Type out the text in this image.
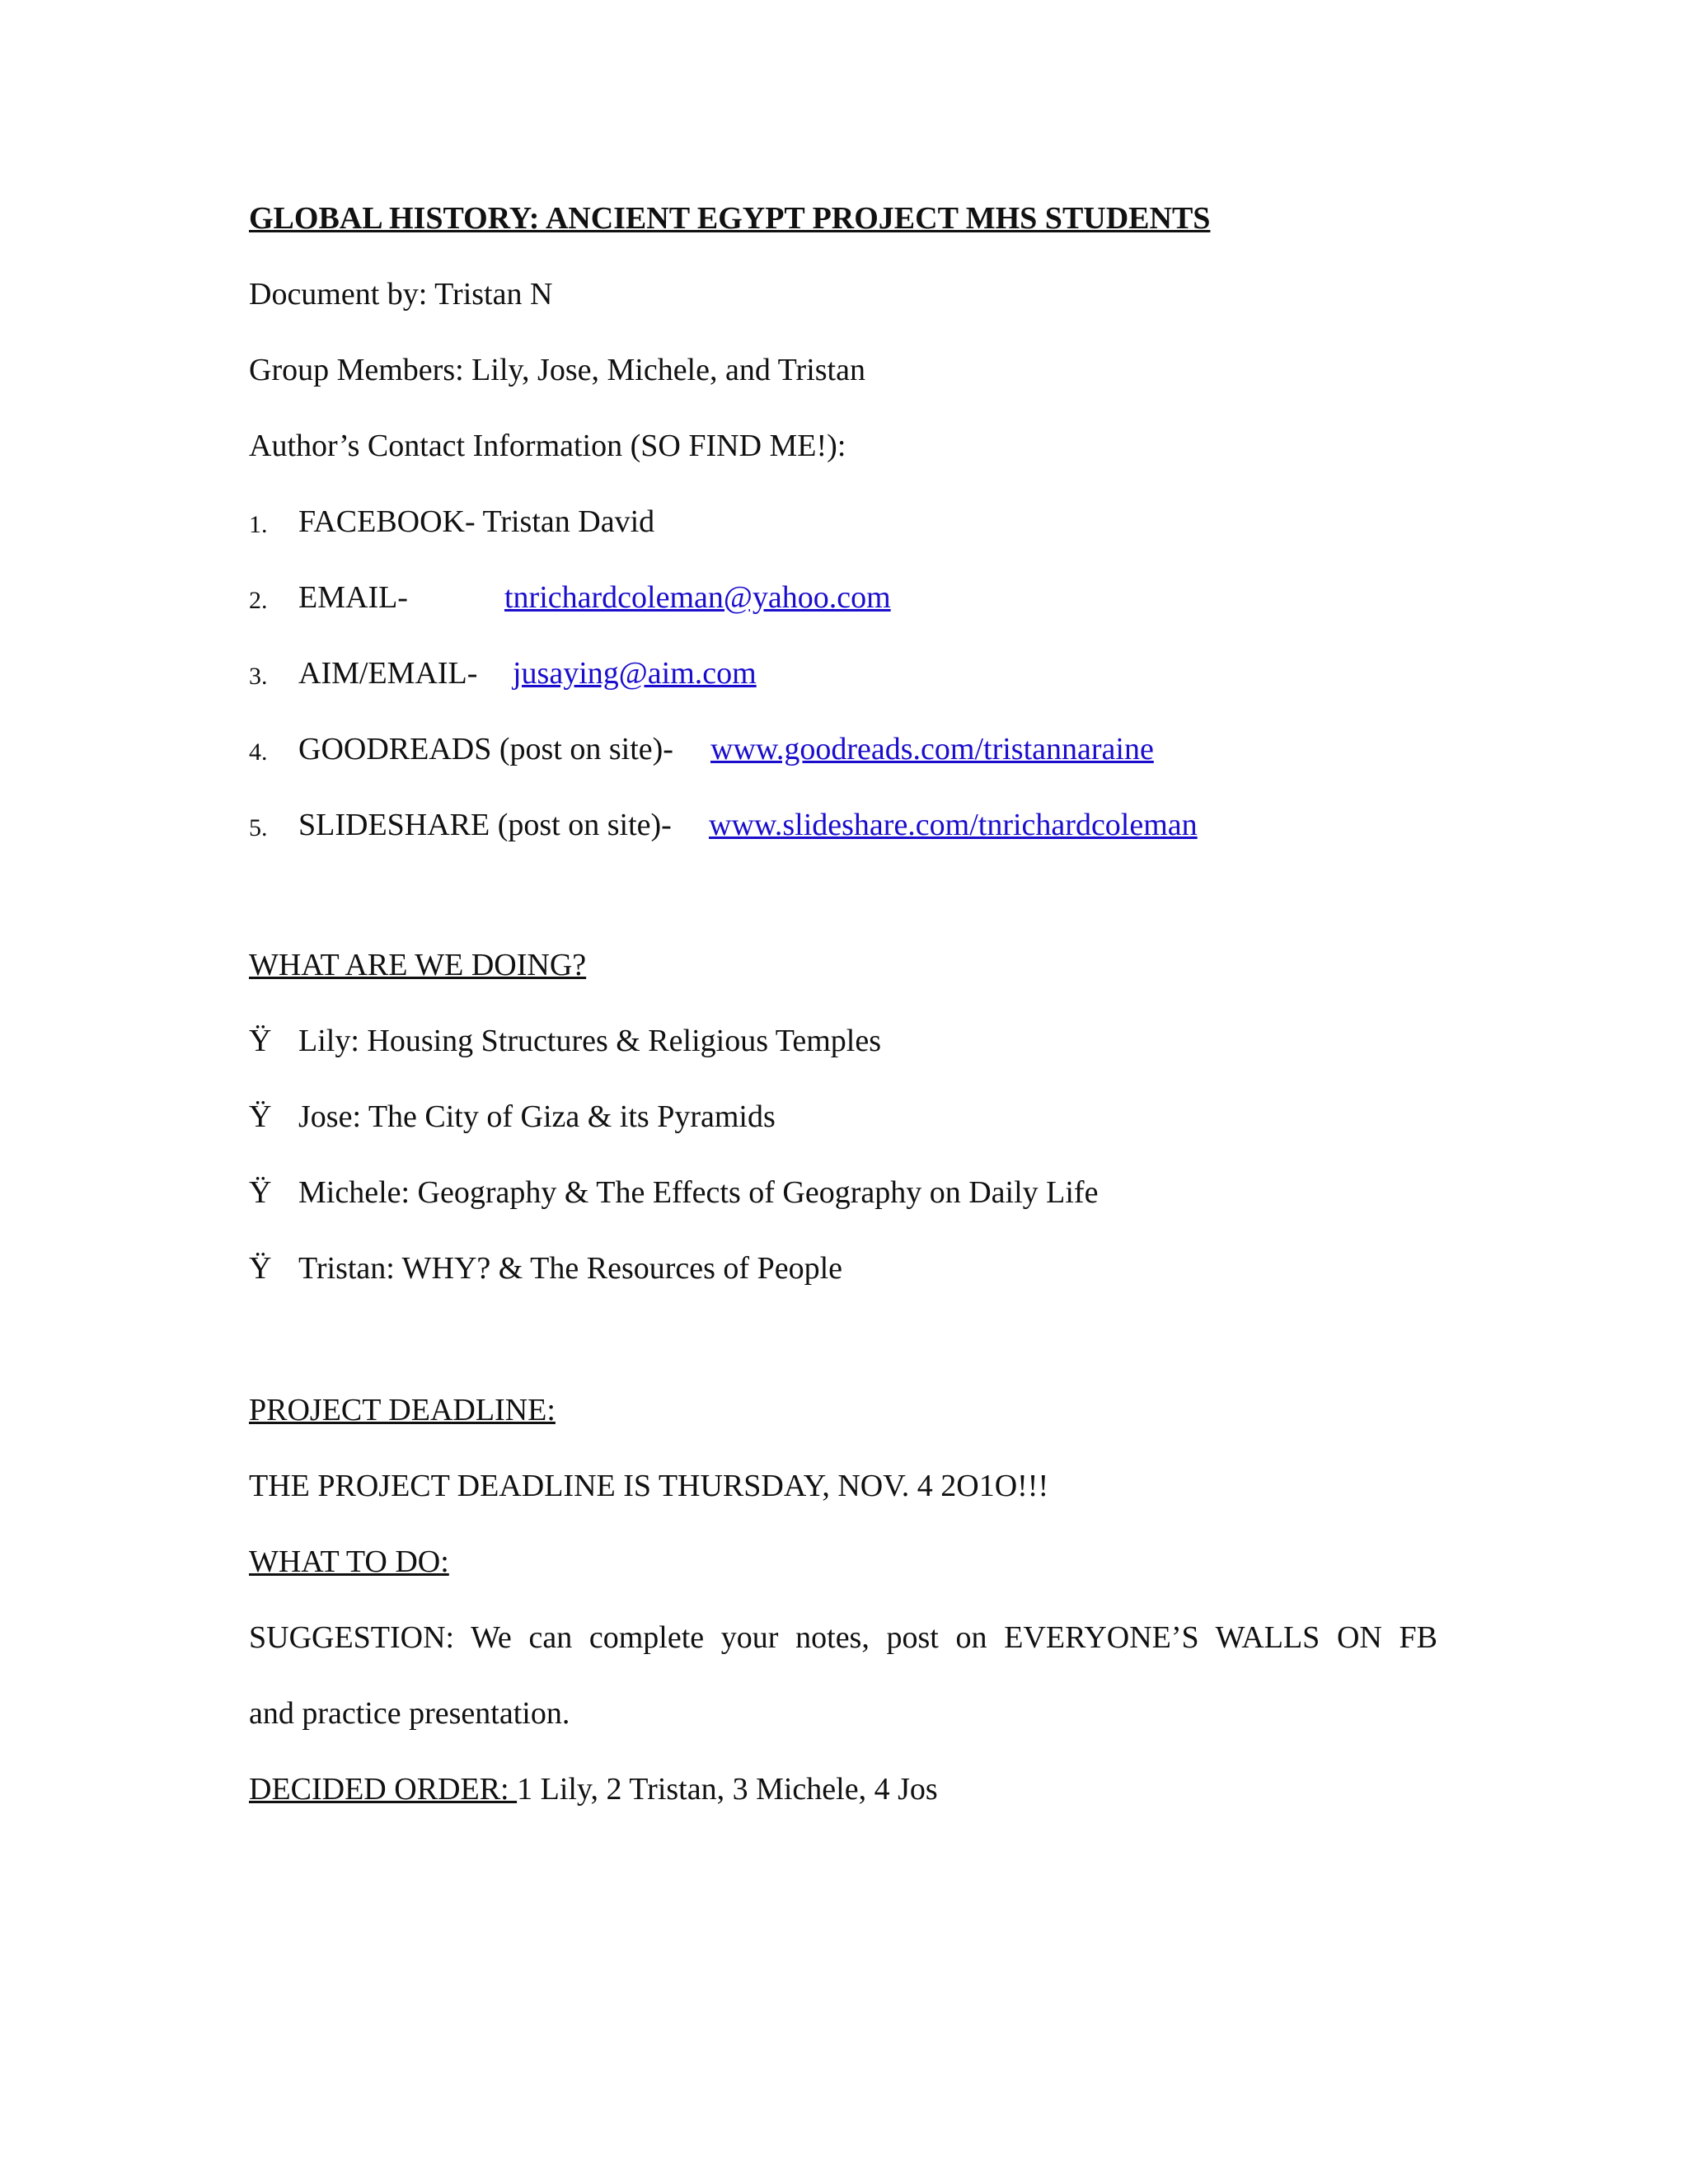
GLOBAL HISTORY: ANCIENT EGYPT PROJECT MHS STUDENTS
Document by: Tristan N
Group Members: Lily, Jose, Michele, and Tristan
Author’s Contact Information (SO FIND ME!):
1. FACEBOOK- Tristan David
2. EMAIL-	tnrichardcoleman@yahoo.com
3. AIM/EMAIL- jusaying@aim.com
4. GOODREADS (post on site)- www.goodreads.com/tristannaraine
5. SLIDESHARE (post on site)- www.slideshare.com/tnrichardcoleman
WHAT ARE WE DOING?
Ÿ Lily: Housing Structures & Religious Temples
Ÿ Jose: The City of Giza & its Pyramids
Ÿ Michele: Geography & The Effects of Geography on Daily Life
Ÿ Tristan: WHY? & The Resources of People
PROJECT DEADLINE:
THE PROJECT DEADLINE IS THURSDAY, NOV. 4 2O1O!!!
WHAT TO DO:
SUGGESTION: We can complete your notes, post on EVERYONE’S WALLS ON FB
and practice presentation.
DECIDED ORDER: 1 Lily, 2 Tristan, 3 Michele, 4 Jos
